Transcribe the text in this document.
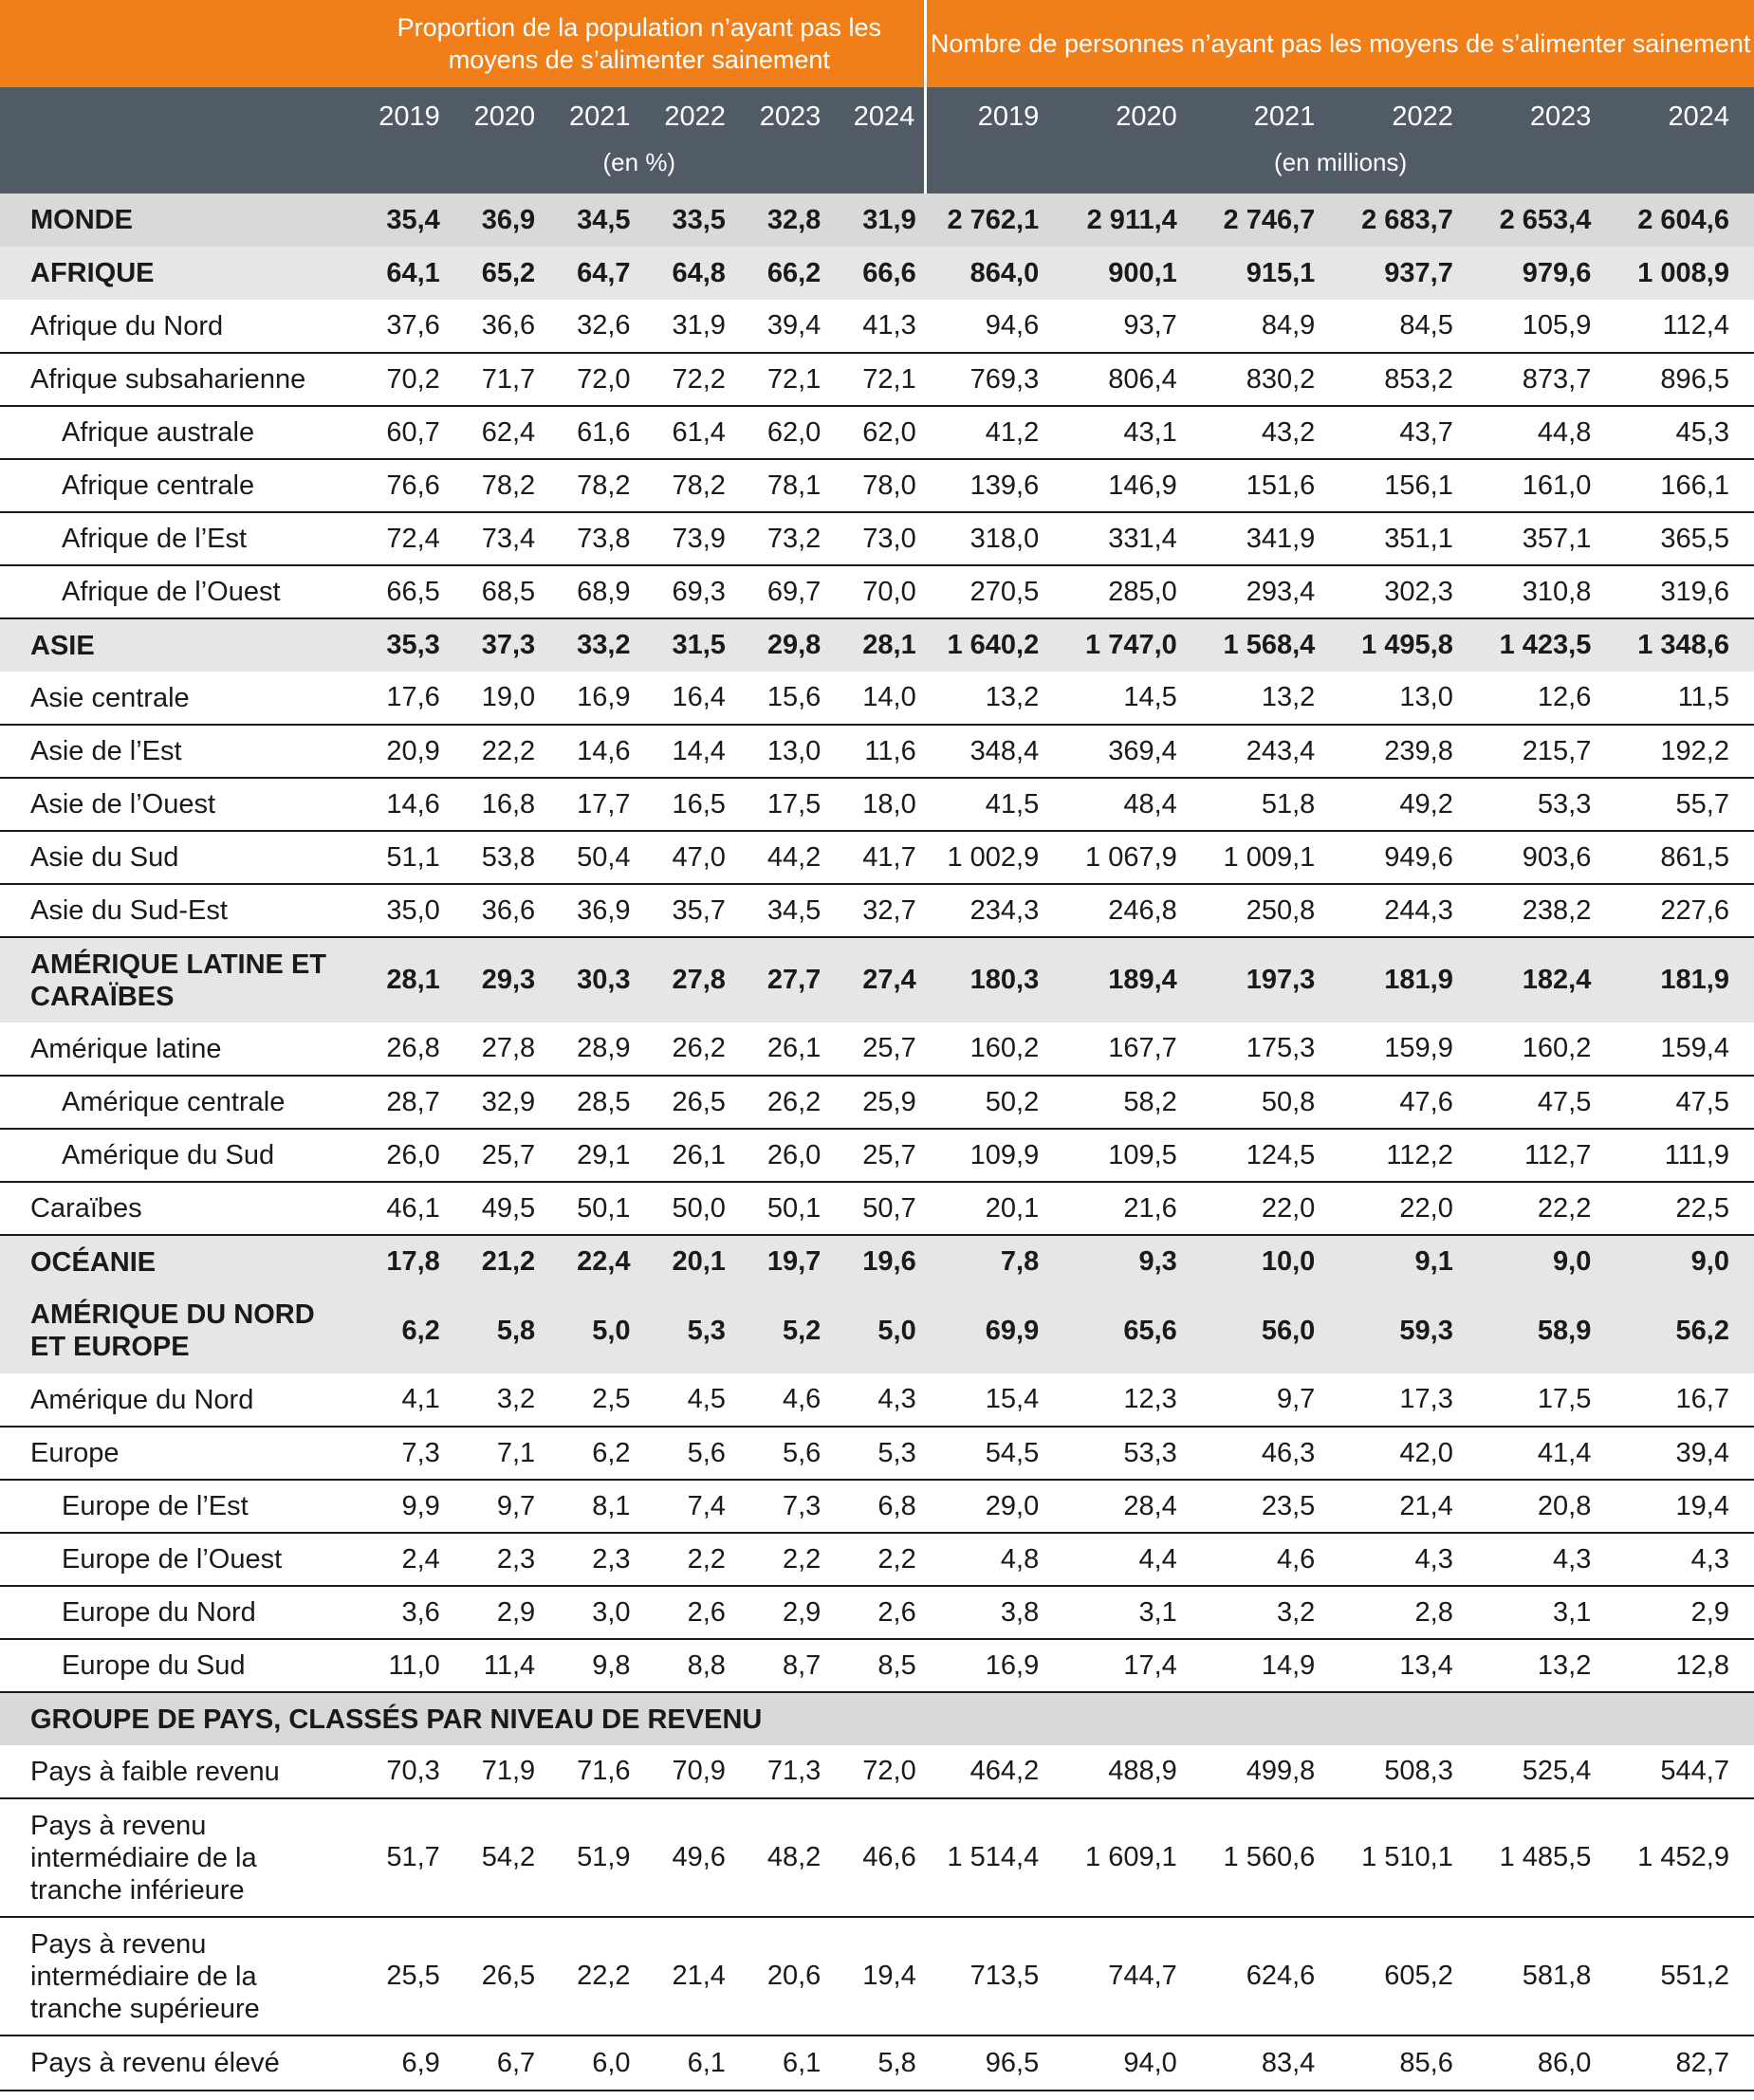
	Proportion de la population n’ayant pas les moyens de s’alimenter sainement						Nombre de personnes n’ayant pas les moyens de s’alimenter sainement					
	2019	2020	2021	2022	2023	2024	2019	2020	2021	2022	2023	2024
	(en %)						(en millions)					
MONDE	35,4	36,9	34,5	33,5	32,8	31,9	2 762,1	2 911,4	2 746,7	2 683,7	2 653,4	2 604,6
AFRIQUE	64,1	65,2	64,7	64,8	66,2	66,6	864,0	900,1	915,1	937,7	979,6	1 008,9
Afrique du Nord	37,6	36,6	32,6	31,9	39,4	41,3	94,6	93,7	84,9	84,5	105,9	112,4
Afrique subsaharienne	70,2	71,7	72,0	72,2	72,1	72,1	769,3	806,4	830,2	853,2	873,7	896,5
Afrique australe	60,7	62,4	61,6	61,4	62,0	62,0	41,2	43,1	43,2	43,7	44,8	45,3
Afrique centrale	76,6	78,2	78,2	78,2	78,1	78,0	139,6	146,9	151,6	156,1	161,0	166,1
Afrique de l’Est	72,4	73,4	73,8	73,9	73,2	73,0	318,0	331,4	341,9	351,1	357,1	365,5
Afrique de l’Ouest	66,5	68,5	68,9	69,3	69,7	70,0	270,5	285,0	293,4	302,3	310,8	319,6
ASIE	35,3	37,3	33,2	31,5	29,8	28,1	1 640,2	1 747,0	1 568,4	1 495,8	1 423,5	1 348,6
Asie centrale	17,6	19,0	16,9	16,4	15,6	14,0	13,2	14,5	13,2	13,0	12,6	11,5
Asie de l’Est	20,9	22,2	14,6	14,4	13,0	11,6	348,4	369,4	243,4	239,8	215,7	192,2
Asie de l’Ouest	14,6	16,8	17,7	16,5	17,5	18,0	41,5	48,4	51,8	49,2	53,3	55,7
Asie du Sud	51,1	53,8	50,4	47,0	44,2	41,7	1 002,9	1 067,9	1 009,1	949,6	903,6	861,5
Asie du Sud-Est	35,0	36,6	36,9	35,7	34,5	32,7	234,3	246,8	250,8	244,3	238,2	227,6
AMÉRIQUE LATINE ET CARAÏBES	28,1	29,3	30,3	27,8	27,7	27,4	180,3	189,4	197,3	181,9	182,4	181,9
Amérique latine	26,8	27,8	28,9	26,2	26,1	25,7	160,2	167,7	175,3	159,9	160,2	159,4
Amérique centrale	28,7	32,9	28,5	26,5	26,2	25,9	50,2	58,2	50,8	47,6	47,5	47,5
Amérique du Sud	26,0	25,7	29,1	26,1	26,0	25,7	109,9	109,5	124,5	112,2	112,7	111,9
Caraïbes	46,1	49,5	50,1	50,0	50,1	50,7	20,1	21,6	22,0	22,0	22,2	22,5
OCÉANIE	17,8	21,2	22,4	20,1	19,7	19,6	7,8	9,3	10,0	9,1	9,0	9,0
AMÉRIQUE DU NORD ET EUROPE	6,2	5,8	5,0	5,3	5,2	5,0	69,9	65,6	56,0	59,3	58,9	56,2
Amérique du Nord	4,1	3,2	2,5	4,5	4,6	4,3	15,4	12,3	9,7	17,3	17,5	16,7
Europe	7,3	7,1	6,2	5,6	5,6	5,3	54,5	53,3	46,3	42,0	41,4	39,4
Europe de l’Est	9,9	9,7	8,1	7,4	7,3	6,8	29,0	28,4	23,5	21,4	20,8	19,4
Europe de l’Ouest	2,4	2,3	2,3	2,2	2,2	2,2	4,8	4,4	4,6	4,3	4,3	4,3
Europe du Nord	3,6	2,9	3,0	2,6	2,9	2,6	3,8	3,1	3,2	2,8	3,1	2,9
Europe du Sud	11,0	11,4	9,8	8,8	8,7	8,5	16,9	17,4	14,9	13,4	13,2	12,8
GROUPE DE PAYS, CLASSÉS PAR NIVEAU DE REVENU												
Pays à faible revenu	70,3	71,9	71,6	70,9	71,3	72,0	464,2	488,9	499,8	508,3	525,4	544,7
Pays à revenu intermédiaire de la tranche inférieure	51,7	54,2	51,9	49,6	48,2	46,6	1 514,4	1 609,1	1 560,6	1 510,1	1 485,5	1 452,9
Pays à revenu intermédiaire de la tranche supérieure	25,5	26,5	22,2	21,4	20,6	19,4	713,5	744,7	624,6	605,2	581,8	551,2
Pays à revenu élevé	6,9	6,7	6,0	6,1	6,1	5,8	96,5	94,0	83,4	85,6	86,0	82,7
